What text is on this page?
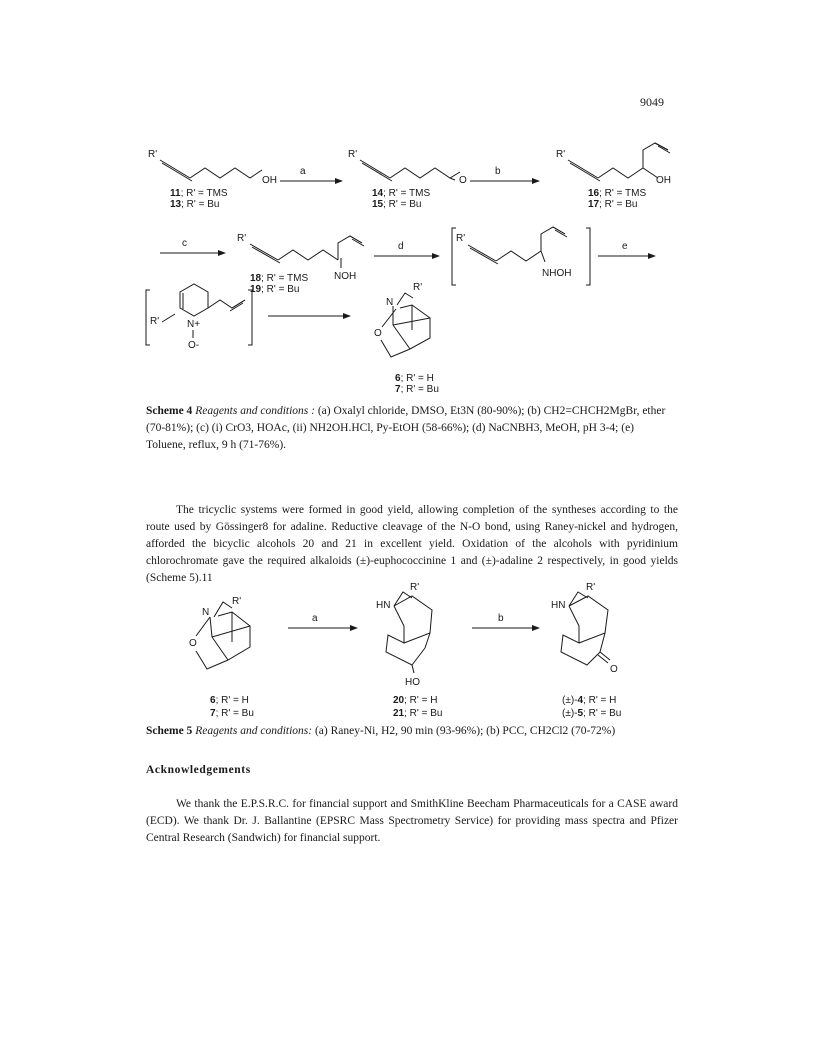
9049
R'
OH
11; R' = TMS
13; R' = Bu
a
R'
O
14; R' = TMS
15; R' = Bu
b
R'
OH
16; R' = TMS
17; R' = Bu
c	R'
NOH
18; R' = TMS
19; R' = Bu
d
R'
NHOH
e
R'	N+
O-
R'
N
O
6; R' = H
7; R' = Bu
R'
N
O
6; R' = H
7; R' = Bu
a
R'
HN
HO
20; R' = H
21; R' = Bu
b
R'
HN
O
(±)-4; R' = H
(±)-5; R' = Bu
Scheme 4 Reagents and conditions : (a) Oxalyl chloride, DMSO, Et3N (80-90%); (b) CH2=CHCH2MgBr, ether (70-81%); (c) (i) CrO3, HOAc, (ii) NH2OH.HCl, Py-EtOH (58-66%); (d) NaCNBH3, MeOH, pH 3-4; (e) Toluene, reflux, 9 h (71-76%).
The tricyclic systems were formed in good yield, allowing completion of the syntheses according to the route used by Gössinger8 for adaline. Reductive cleavage of the N-O bond, using Raney-nickel and hydrogen, afforded the bicyclic alcohols 20 and 21 in excellent yield. Oxidation of the alcohols with pyridinium chlorochromate gave the required alkaloids (±)-euphococcinine 1 and (±)-adaline 2 respectively, in good yields (Scheme 5).11
Scheme 5 Reagents and conditions: (a) Raney-Ni, H2, 90 min (93-96%); (b) PCC, CH2Cl2 (70-72%)
Acknowledgements
We thank the E.P.S.R.C. for financial support and SmithKline Beecham Pharmaceuticals for a CASE award (ECD). We thank Dr. J. Ballantine (EPSRC Mass Spectrometry Service) for providing mass spectra and Pfizer Central Research (Sandwich) for financial support.
